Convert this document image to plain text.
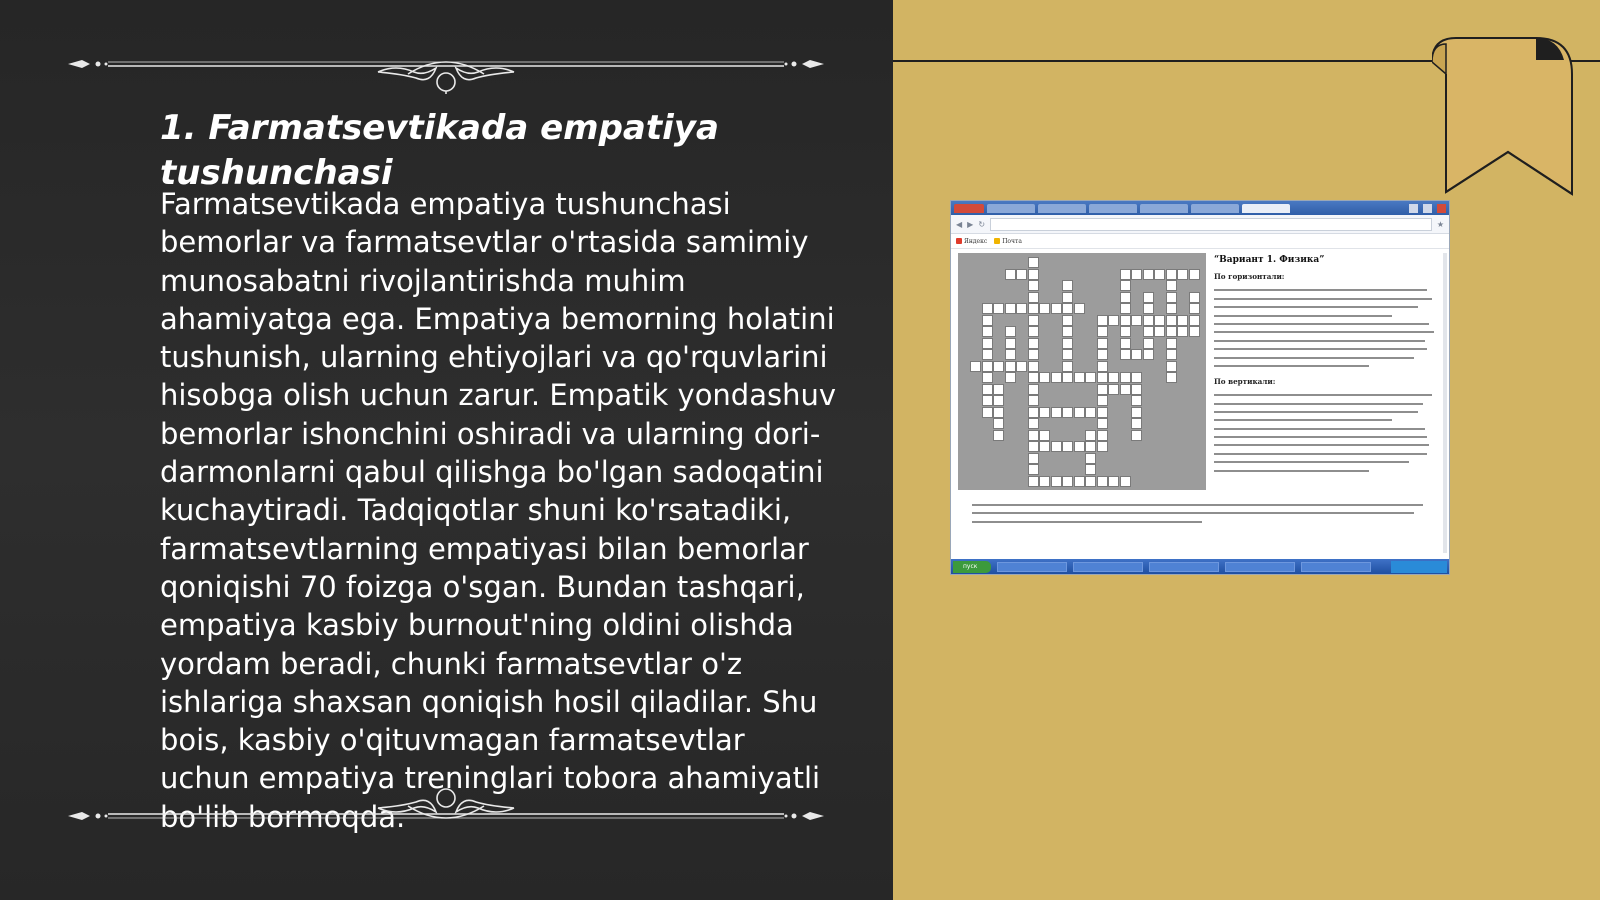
1. Farmatsevtikada empatiya tushunchasi

Farmatsevtikada empatiya tushunchasi bemorlar va farmatsevtlar o'rtasida samimiy munosabatni rivojlantirishda muhim ahamiyatga ega. Empatiya bemorning holatini tushunish, ularning ehtiyojlari va qo'rquvlarini hisobga olish uchun zarur. Empatik yondashuv bemorlar ishonchini oshiradi va ularning dori-darmonlarni qabul qilishga bo'lgan sadoqatini kuchaytiradi. Tadqiqotlar shuni ko'rsatadiki, farmatsevtlarning empatiyasi bilan bemorlar qoniqishi 70 foizga o'sgan. Bundan tashqari, empatiya kasbiy burnout'ning oldini olishda yordam beradi, chunki farmatsevtlar o'z ishlariga shaxsan qoniqish hosil qiladilar. Shu bois, kasbiy o'qituvmagan farmatsevtlar uchun empatiya treninglari tobora ahamiyatli bo'lib bormoqda.

◀ ▶ ↻	★
Яндекс	Почта

“Вариант 1. Физика”

По горизонтали:

По вертикали:

пуск
